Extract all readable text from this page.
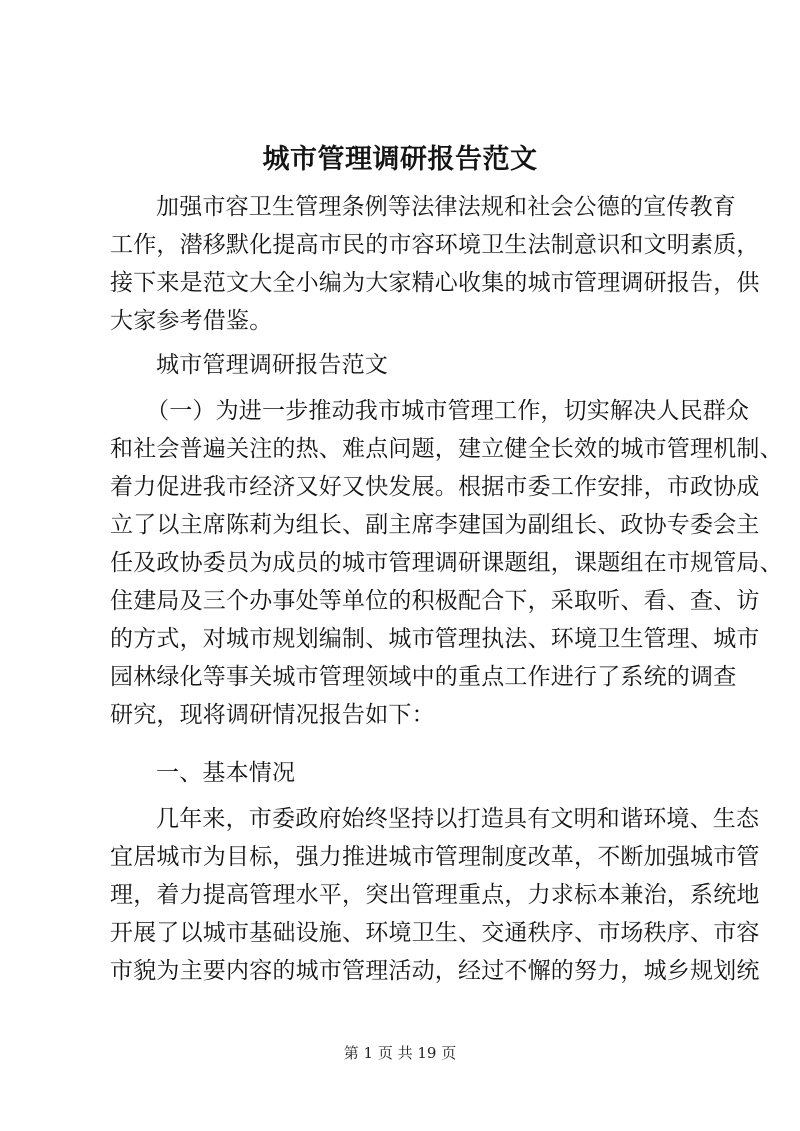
城市管理调研报告范文
加强市容卫生管理条例等法律法规和社会公德的宣传教育
工作，潜移默化提高市民的市容环境卫生法制意识和文明素质，
接下来是范文大全小编为大家精心收集的城市管理调研报告，供
大家参考借鉴。
城市管理调研报告范文
（一）为进一步推动我市城市管理工作，切实解决人民群众
和社会普遍关注的热、难点问题，建立健全长效的城市管理机制、
着力促进我市经济又好又快发展。根据市委工作安排，市政协成
立了以主席陈莉为组长、副主席李建国为副组长、政协专委会主
任及政协委员为成员的城市管理调研课题组，课题组在市规管局、
住建局及三个办事处等单位的积极配合下，采取听、看、查、访
的方式，对城市规划编制、城市管理执法、环境卫生管理、城市
园林绿化等事关城市管理领域中的重点工作进行了系统的调查
研究，现将调研情况报告如下：
一、基本情况
几年来，市委政府始终坚持以打造具有文明和谐环境、生态
宜居城市为目标，强力推进城市管理制度改革，不断加强城市管
理，着力提高管理水平，突出管理重点，力求标本兼治，系统地
开展了以城市基础设施、环境卫生、交通秩序、市场秩序、市容
市貌为主要内容的城市管理活动，经过不懈的努力，城乡规划统
第 1 页 共 19 页
